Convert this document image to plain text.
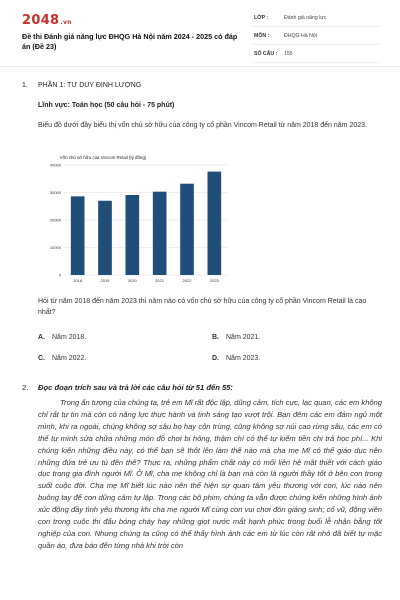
2048.vn
Đề thi Đánh giá năng lực ĐHQG Hà Nội năm 2024 - 2025 có đáp án (Đề 23)
LỚP :	Đánh giá năng lực
MÔN :	ĐHQG Hà Nội
SỐ CÂU : 155
1. PHẦN 1: TƯ DUY ĐỊNH LƯỢNG
Lĩnh vực: Toán học (50 câu hỏi - 75 phút)
Biểu đồ dưới đây biểu thị vốn chủ sở hữu của công ty cổ phần Vincom Retail từ năm 2018 đến năm 2023.
0
10000
20000
30000
40000
2018	2019	2020	2021	2022	2023
Vốn chủ sở hữu của Vincom Retail (tỷ đồng)
Hỏi từ năm 2018 đến năm 2023 thì năm nào có vốn chủ sở hữu của công ty cổ phần Vincom Retail là cao nhất?
A. Năm 2018.	B. Năm 2021.
C. Năm 2022.	D. Năm 2023.
2. Đọc đoạn trích sau và trả lời các câu hỏi từ 51 đến 55:

Trong ấn tượng của chúng ta, trẻ em Mĩ rất độc lập, dũng cảm, tích cực, lạc quan, các em không chỉ rất tự tin mà còn có năng lực thực hành và tinh sáng tạo vượt trội. Bạn đêm các em đám ngủ một mình, khi ra ngoài, chúng không sợ sâu bọ hay côn trùng, cũng không sợ núi cao rừng sâu, các em có thể tự mình sửa chữa những món đồ chơi bị hỏng, thậm chí có thể tự kiếm tiền chi trả học phí... Khi chúng kiến những điều này, có thể bạn sẽ thốt lên làm thế nào mà cha mẹ Mĩ có thể giáo dục nên những đứa trẻ ưu tú đến thế? Thực ra, những phẩm chất này có mối liên hệ mật thiết với cách giáo dục trong gia đình người Mĩ. Ở Mĩ, cha mẹ không chỉ là bạn mà còn là người thầy tốt ở bên con trong suốt cuộc đời. Cha mẹ Mĩ biết lúc nào nên thể hiện sự quan tâm yêu thương với con, lúc nào nên buông tay để con dũng cảm tự lập. Trong các bộ phim, chúng ta vẫn được chứng kiến những hình ảnh xúc động đầy tình yêu thương khi cha mẹ người Mĩ cùng con vui chơi đón giáng sinh; cổ vũ, động viên con trong cuộc thi đấu bóng chày hay những giọt nước mắt hạnh phúc trong buổi lễ nhận bằng tốt nghiệp của con. Nhưng chúng ta cũng có thể thấy hình ảnh các em từ lúc còn rất nhỏ đã biết tự mặc quần áo, đưa báo đến từng nhà khi trời còn
